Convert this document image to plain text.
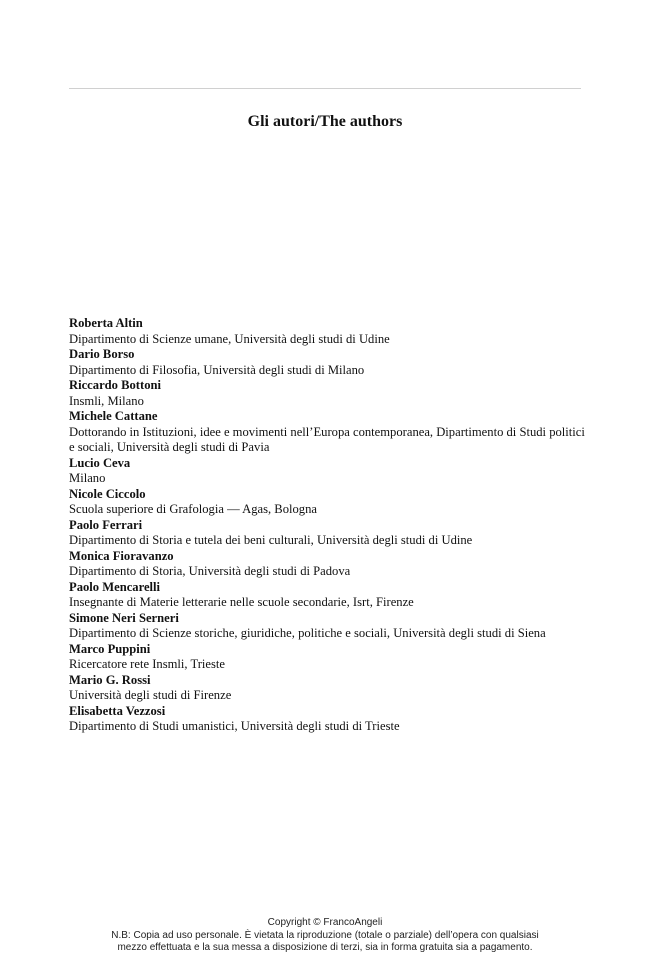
Gli autori/The authors
Roberta Altin
Dipartimento di Scienze umane, Università degli studi di Udine
Dario Borso
Dipartimento di Filosofia, Università degli studi di Milano
Riccardo Bottoni
Insmli, Milano
Michele Cattane
Dottorando in Istituzioni, idee e movimenti nell’Europa contemporanea, Dipartimento di Studi politici e sociali, Università degli studi di Pavia
Lucio Ceva
Milano
Nicole Ciccolo
Scuola superiore di Grafologia — Agas, Bologna
Paolo Ferrari
Dipartimento di Storia e tutela dei beni culturali, Università degli studi di Udine
Monica Fioravanzo
Dipartimento di Storia, Università degli studi di Padova
Paolo Mencarelli
Insegnante di Materie letterarie nelle scuole secondarie, Isrt, Firenze
Simone Neri Serneri
Dipartimento di Scienze storiche, giuridiche, politiche e sociali, Università degli studi di Siena
Marco Puppini
Ricercatore rete Insmli, Trieste
Mario G. Rossi
Università degli studi di Firenze
Elisabetta Vezzosi
Dipartimento di Studi umanistici, Università degli studi di Trieste
Copyright © FrancoAngeli
N.B: Copia ad uso personale. È vietata la riproduzione (totale o parziale) dell’opera con qualsiasi
mezzo effettuata e la sua messa a disposizione di terzi, sia in forma gratuita sia a pagamento.
